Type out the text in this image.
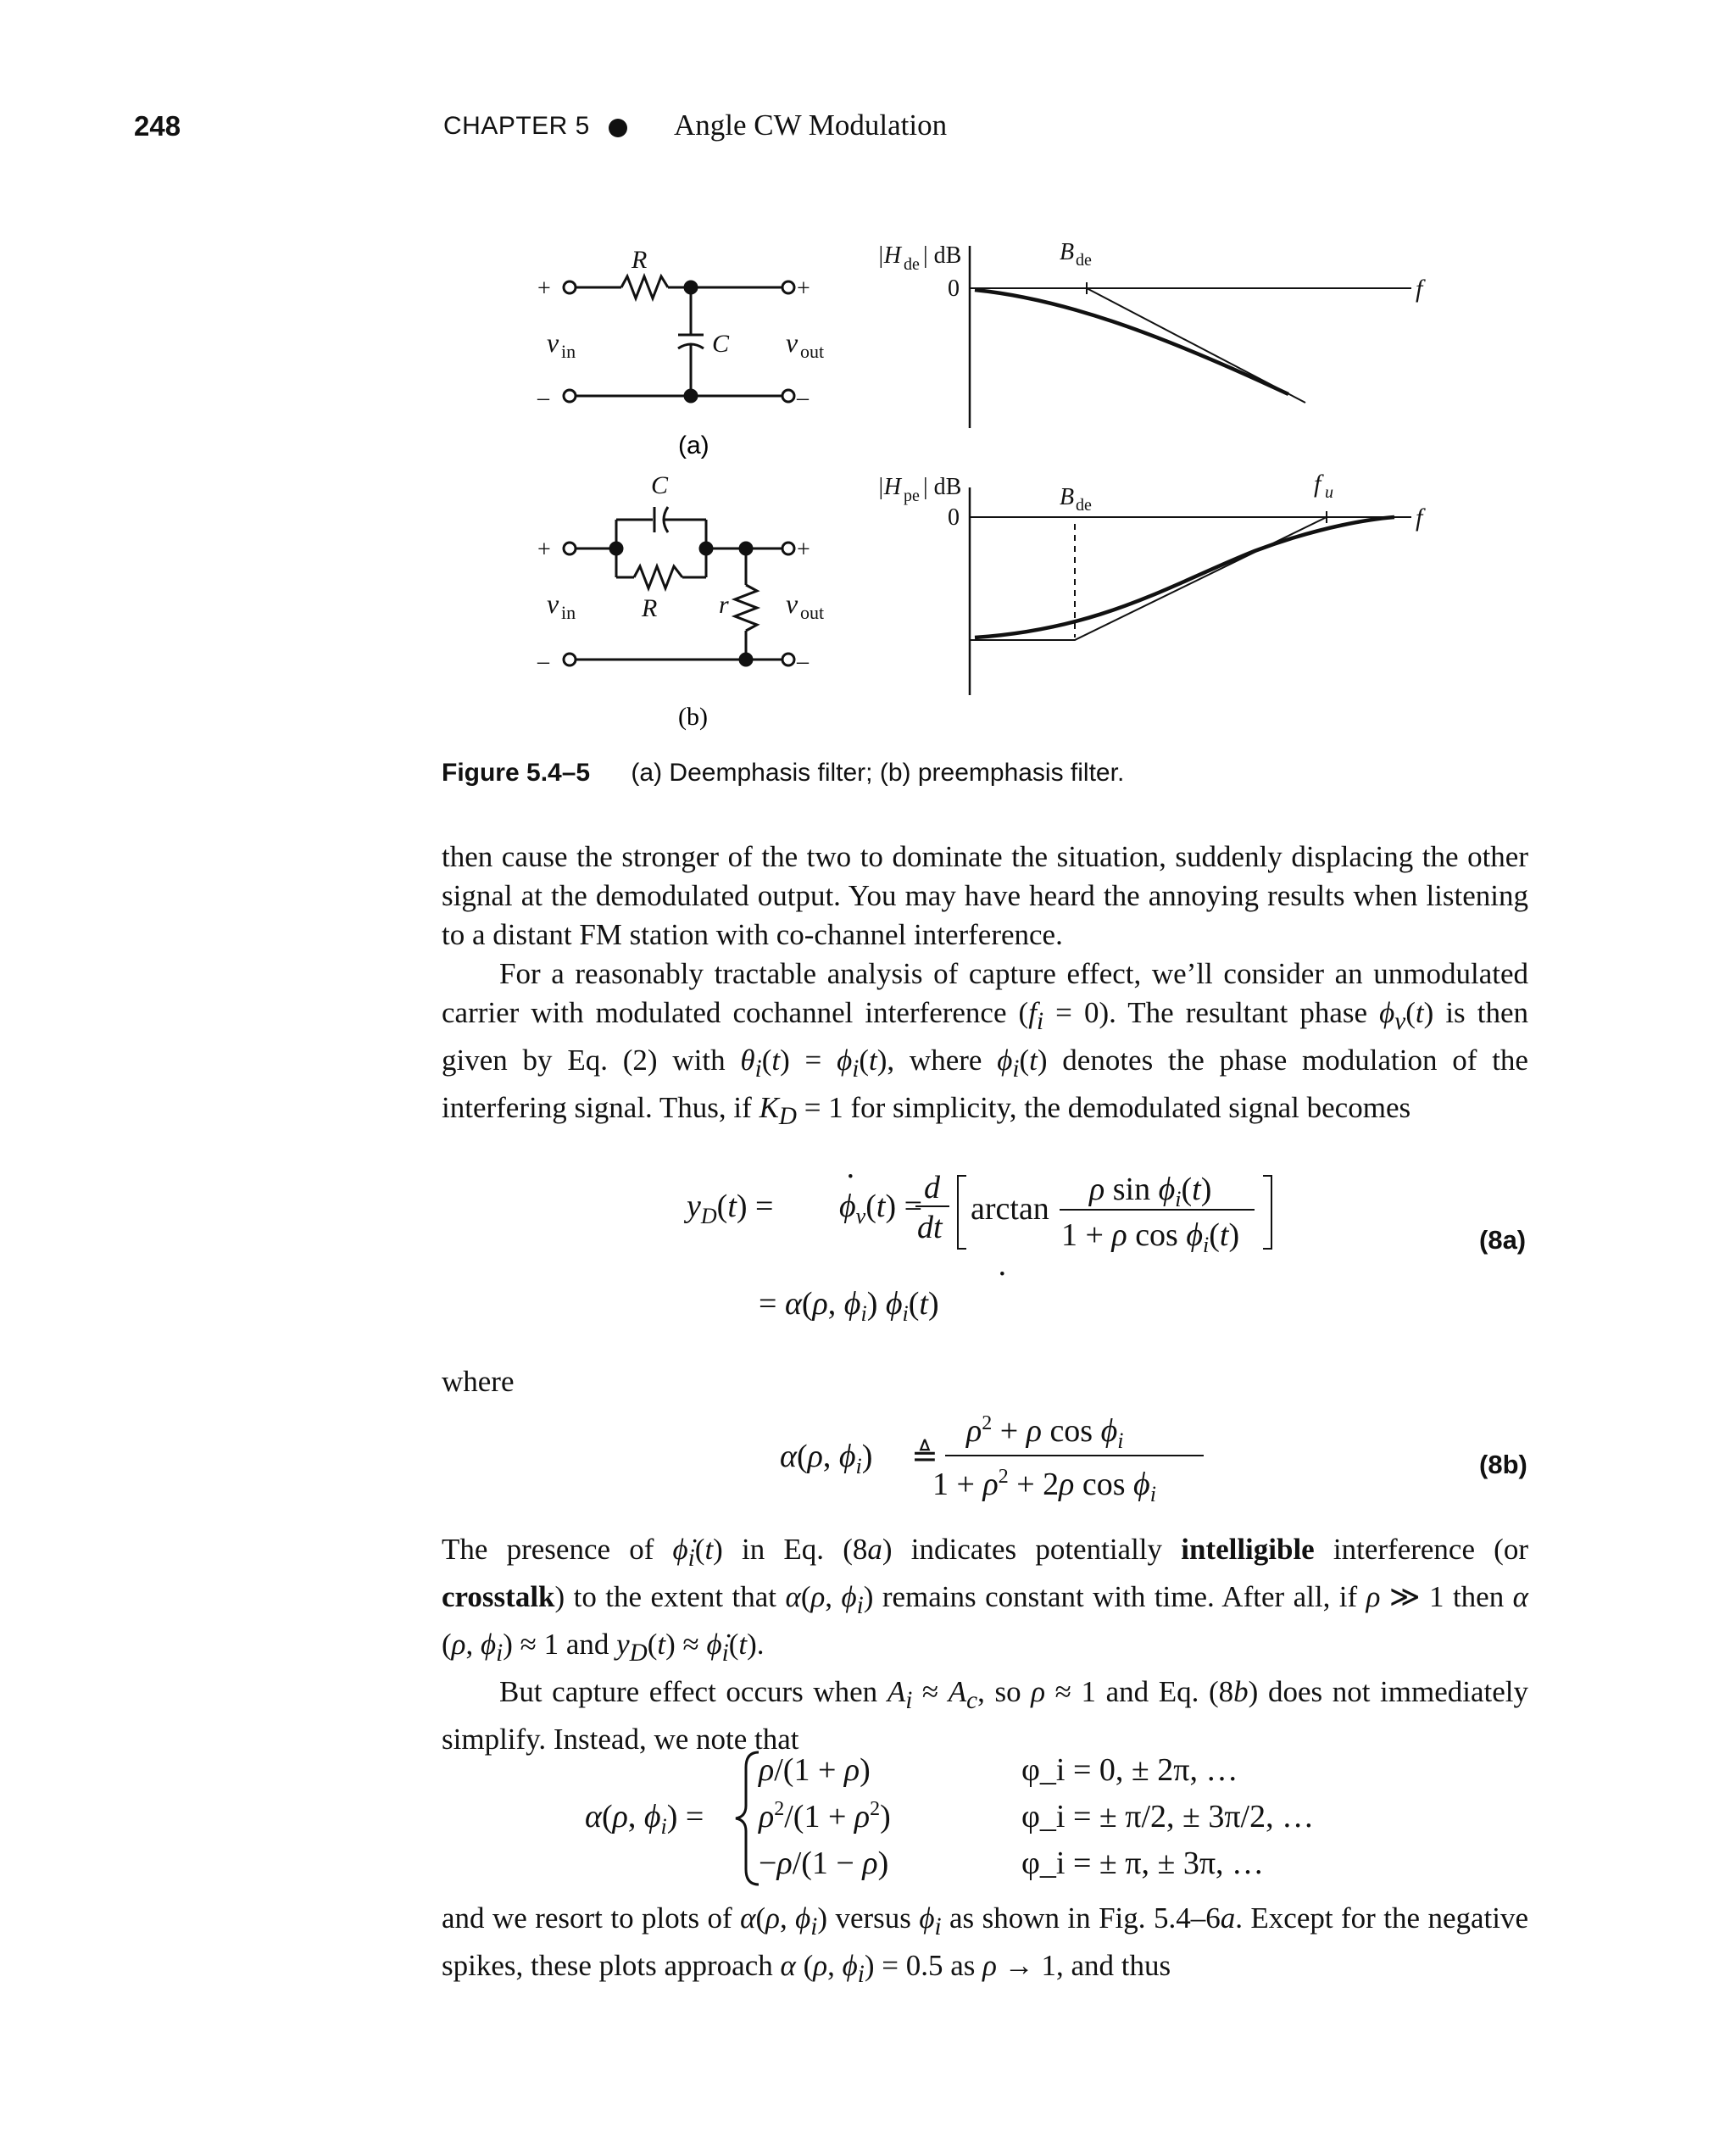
248	CHAPTER 5	Angle CW Modulation
+
–
+
–
R
C
v in	v out
(a)
+
–
+
–
C
R r
v in	v out
(b)
|H de | dB
0
B de
f
|H pe | dB
0
B de
f u
f
Figure 5.4–5 (a) Deemphasis filter; (b) preemphasis filter.

then cause the stronger of the two to dominate the situation, suddenly displacing the other signal at the demodulated output. You may have heard the annoying results when listening to a distant FM station with co-channel interference.

For a reasonably tractable analysis of capture effect, we’ll consider an unmodulated carrier with modulated cochannel interference $(f_i = 0)$. The resultant phase $\phi_v(t)$ is then given by Eq. (2) with $\theta_i(t) = \phi_i(t)$, where $\phi_i(t)$ denotes the phase modulation of the interfering signal. Thus, if $K_D = 1$ for simplicity, the demodulated signal becomes

$y_D(t) = \phi_v(t)$ =
· d
dt
arctan
ρ $\sin \phi_i(t)$
1 + ρ $\cos \phi_i(t)$
= α(ρ, $\phi_i$) $\phi_i(t)$
·
(8a)
where
α(ρ, $\phi_i$) ≜
$\rho^2 + \rho$ $\cos \phi_i$
$1 + \rho^2 + 2\rho$ $\cos \phi_i$
(8b)

The presence of $\phi̇_i(t)$ in Eq. (8a) indicates potentially intelligible interference (or crosstalk) to the extent that α(ρ, $\phi_i$) remains constant with time. After all, if ρ ≫ 1 then α (ρ, $\phi_i) \approx 1$ and $y_D(t)$ ≈ $\phi̇_i(t)$.

But capture effect occurs when $A_i \approx A_c$, so ρ ≈ 1 and Eq. (8b) does not immediately simplify. Instead, we note that

α(ρ, $\phi_i$) =
ρ/(1 + ρ)
$\rho^2/(1 + \rho^2)$
−ρ/(1 − ρ)
φ_i = 0, ± 2π, …
φ_i = ± π/2, ± 3π/2, …
φ_i = ± π, ± 3π, …

and we resort to plots of α(ρ, $\phi_i$) versus $\phi_i$ as shown in Fig. 5.4–6a. Except for the negative spikes, these plots approach α (ρ, $\phi_i) = 0.5$ as ρ → 1, and thus
